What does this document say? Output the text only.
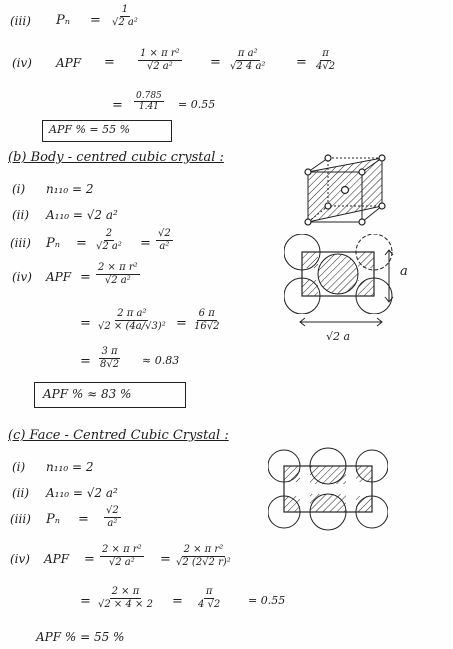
(iii) $P_n = \frac{1}{\text{√2 a²}}$
(iv) APF = $\frac{\text{1 × π r²}}{\text{√2 a²}} = \frac{\text{π a²}}{\text{√2 4 a²}} = \frac{\pi}{4√2}$
= $\frac{0.785}{1.41} = 0.55$
APF % = 55 %
(b) Body - centred cubic crystal :
(i) n₁₁₀ = 2
(ii) A₁₁₀ = √2 a²
(iii) $P_n = \frac{2}{\text{√2 a²}} = \frac{√2}{\text{a²}}$
(iv) APF = $\frac{\text{2 × π r²}}{\text{√2 a²}}$
= $\frac{\text{2 π a²}}{\text{√2 × (4a/√3)²}} = \frac{6 \pi}{16√2}$
= $\frac{3 \pi}{8√2} \approx 0.83$
APF % ≈ 83 %
a
√2 a
(c) Face - Centred Cubic Crystal :
(i) n₁₁₀ = 2
(ii) A₁₁₀ = √2 a²
(iii) $P_n = \frac{√2}{\text{a²}}$
(iv) APF = $\frac{\text{2 × π r²}}{\text{√2 a²}} = \frac{\text{2 × π r²}}{\text{√2 (2√2 r)²}}$
= $\frac{2 \times \pi}{√2 \times 4 \times 2} = \frac{\pi}{4 √2} = 0.55$
APF % = 55 %
